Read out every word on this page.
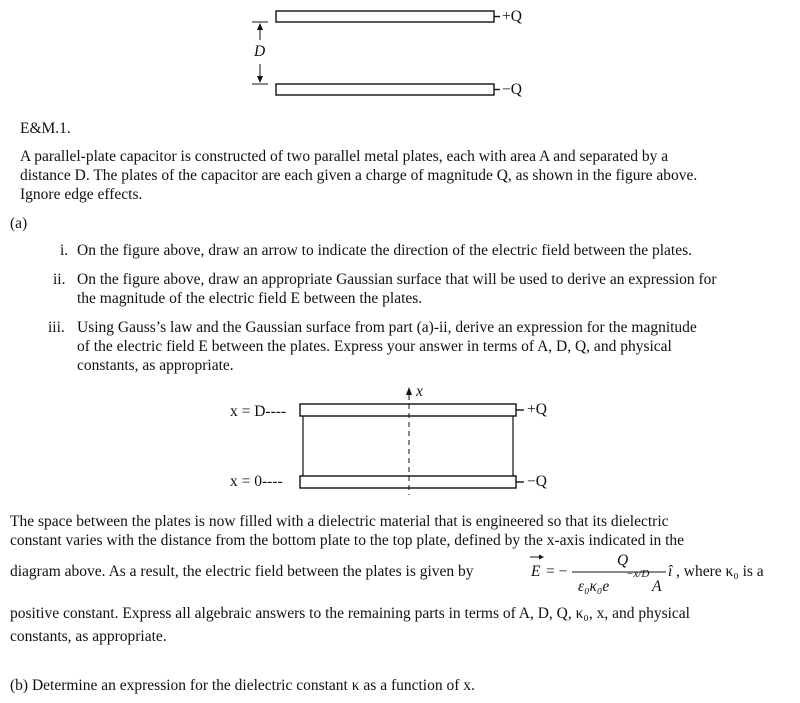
+Q
−Q
D
E&M.1.
A parallel-plate capacitor is constructed of two parallel metal plates, each with area A and separated by a
distance D. The plates of the capacitor are each given a charge of magnitude Q, as shown in the figure above.
Ignore edge effects.
(a)
i. On the figure above, draw an arrow to indicate the direction of the electric field between the plates.
ii. On the figure above, draw an appropriate Gaussian surface that will be used to derive an expression for
the magnitude of the electric field E between the plates.
iii. Using Gauss’s law and the Gaussian surface from part (a)-ii, derive an expression for the magnitude
of the electric field E between the plates. Express your answer in terms of A, D, Q, and physical
constants, as appropriate.
x
x = D----
x = 0----
+Q
−Q
The space between the plates is now filled with a dielectric material that is engineered so that its dielectric
constant varies with the distance from the bottom plate to the top plate, defined by the x-axis indicated in the
diagram above. As a result, the electric field between the plates is given by	E = −
Q
ε₀κ₀e
−x/D
A
î , where κ₀ is a
positive constant. Express all algebraic answers to the remaining parts in terms of A, D, Q, κ₀, x, and physical
constants, as appropriate.
(b) Determine an expression for the dielectric constant κ as a function of x.
